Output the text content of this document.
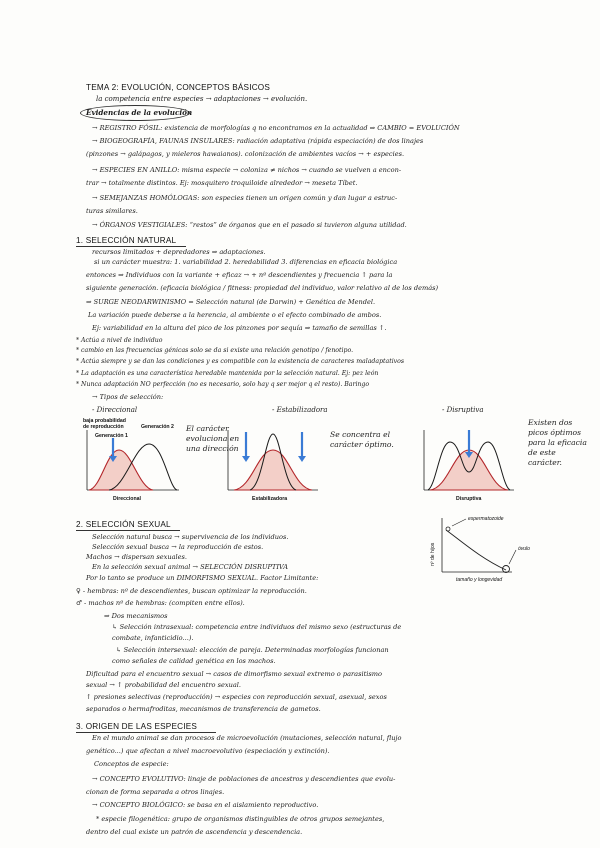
TEMA 2: EVOLUCIÓN, CONCEPTOS BÁSICOS
la competencia entre especies → adaptaciones → evolución.
Evidencias de la evolución
→ REGISTRO FÓSIL: existencia de morfologías q no encontramos en la actualidad ⇒ CAMBIO = EVOLUCIÓN
→ BIOGEOGRAFÍA, FAUNAS INSULARES: radiación adaptativa (rápida especiación) de dos linajes
(pinzones → galápagos, y mieleros hawaianos). colonización de ambientes vacíos → + especies.
→ ESPECIES EN ANILLO: misma especie → coloniza ≠ nichos → cuando se vuelven a encon-
trar → totalmente distintos. Ej: mosquitero troquiloide alrededor → meseta Tíbet.
→ SEMEJANZAS HOMÓLOGAS: son especies tienen un origen común y dan lugar a estruc-
turas similares.
→ ÓRGANOS VESTIGIALES: “restos” de órganos que en el pasado si tuvieron alguna utilidad.
1. SELECCIÓN NATURAL
recursos limitados + depredadores ⇒ adaptaciones.
si un carácter muestra: 1. variabilidad 2. heredabilidad 3. diferencias en eficacia biológica
entonces ⇒ Individuos con la variante + eficaz → + nº descendientes y frecuencia ↑ para la
siguiente generación. (eficacia biológica / fitness: propiedad del individuo, valor relativo al de los demás)
⇒ SURGE NEODARWINISMO = Selección natural (de Darwin) + Genética de Mendel.
La variación puede deberse a la herencia, al ambiente o el efecto combinado de ambos.
Ej: variabilidad en la altura del pico de los pinzones por sequía ⇒ tamaño de semillas ↑.
* Actúa a nivel de individuo
* cambio en las frecuencias génicas solo se da si existe una relación genotipo / fenotipo.
* Actúa siempre y se dan las condiciones y es compatible con la existencia de caracteres maladaptativos
* La adaptación es una característica heredable mantenida por la selección natural. Ej: pez león
* Nunca adaptación NO perfección (no es necesario, solo hay q ser mejor q el resto). Baringo
→ Tipos de selección:
- Direccional	- Estabilizadora	- Disruptiva
baja probabilidad
de reproducción
Generación 1
Generación 2
Direccional
El carácter evoluciona en una dirección
Estabilizadora
Se concentra el carácter óptimo.
Disruptiva
Existen dos picos óptimos para la eficacia de este carácter.
2. SELECCIÓN SEXUAL
Selección natural busca → supervivencia de los individuos.
Selección sexual busca → la reproducción de estos.
Machos → dispersan sexuales.
En la selección sexual animal → SELECCIÓN DISRUPTIVA
Por lo tanto se produce un DIMORFISMO SEXUAL. Factor Limitante:
♀ - hembras: nº de descendientes, buscan optimizar la reproducción.
♂ - machos nº de hembras: (compiten entre ellos).
⇒ Dos mecanismos
↳ Selección intrasexual: competencia entre individuos del mismo sexo (estructuras de
combate, infanticidio...).
↳ Selección intersexual: elección de pareja. Determinadas morfologías funcionan
como señales de calidad genética en los machos.
Dificultad para el encuentro sexual → casos de dimorfismo sexual extremo o parasitismo
sexual → ↑ probabilidad del encuentro sexual.
↑ presiones selectivas (reproducción) → especies con reproducción sexual, asexual, sexos
separados o hermafroditas, mecanismos de transferencia de gametos.
nº de hijos
tamaño y longevidad
espermatozoide
óvulo
3. ORIGEN DE LAS ESPECIES
En el mundo animal se dan procesos de microevolución (mutaciones, selección natural, flujo
genético...) que afectan a nivel macroevolutivo (especiación y extinción).
Conceptos de especie:
→ CONCEPTO EVOLUTIVO: linaje de poblaciones de ancestros y descendientes que evolu-
cionan de forma separada a otros linajes.
→ CONCEPTO BIOLÓGICO: se basa en el aislamiento reproductivo.
* especie filogenética: grupo de organismos distinguibles de otros grupos semejantes,
dentro del cual existe un patrón de ascendencia y descendencia.
